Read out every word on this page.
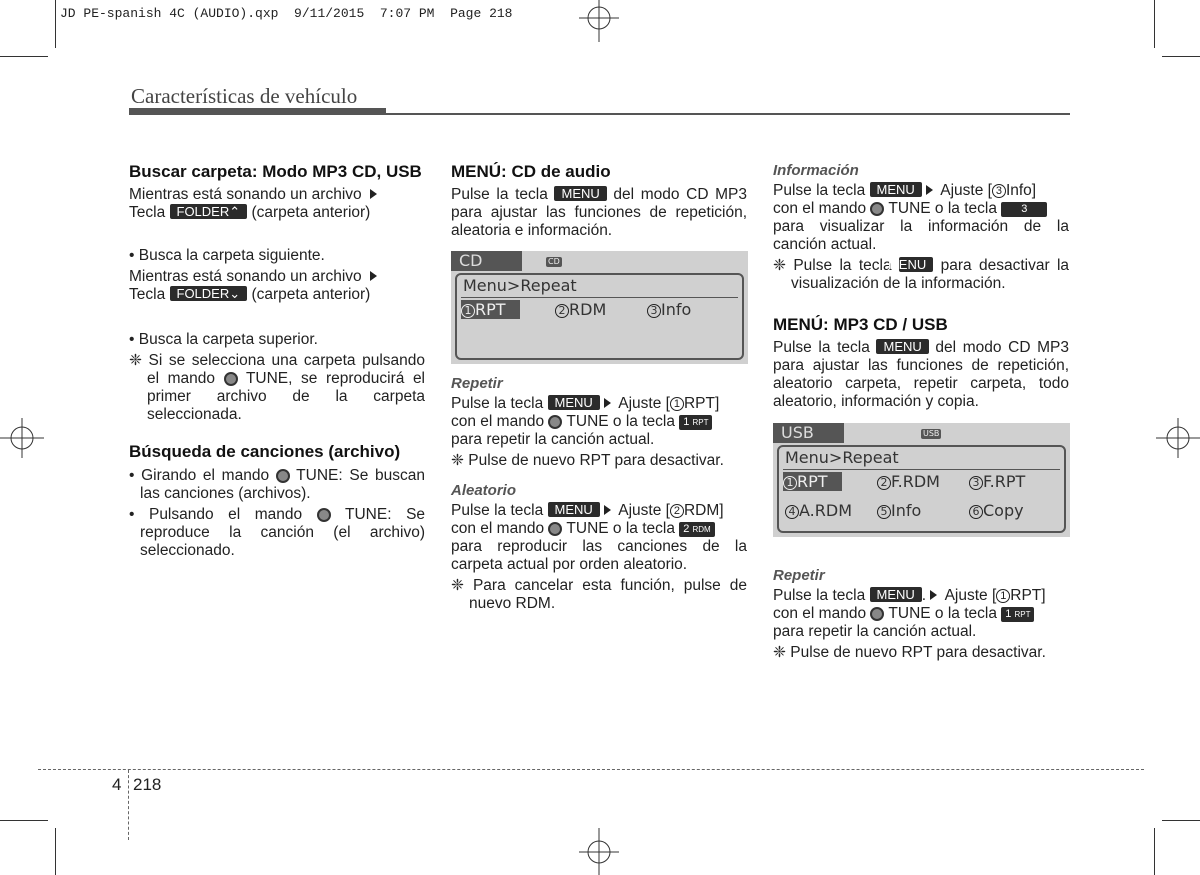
JD PE-spanish 4C (AUDIO).qxp  9/11/2015  7:07 PM  Page 218
Características de vehículo

Buscar carpeta: Modo MP3 CD, USB

Mientras está sonando un archivo
Tecla FOLDER⌃ (carpeta anterior)

• Busca la carpeta siguiente.

Mientras está sonando un archivo
Tecla FOLDER⌄ (carpeta anterior)

• Busca la carpeta superior.

❈ Si se selecciona una carpeta pulsando el mando TUNE, se reproducirá el primer archivo de la carpeta seleccionada.

Búsqueda de canciones (archivo)

• Girando el mando TUNE: Se buscan las canciones (archivos).

• Pulsando el mando	TUNE: Se reproduce la canción (el archivo) seleccionado.

MENÚ: CD de audio

Pulse la tecla MENU del modo CD MP3 para ajustar las funciones de repetición, aleatoria e información.

CD	CD
Menu>Repeat
1 RPT	2 RDM	3 Info

Repetir

Pulse la tecla MENU Ajuste [ 1 RPT]
con el mando TUNE o la tecla 1 RPT
para repetir la canción actual.

❈ Pulse de nuevo RPT para desactivar.

Aleatorio

Pulse la tecla MENU Ajuste [ 2 RDM]
con el mando TUNE o la tecla 2 RDM
para reproducir las canciones de la carpeta actual por orden aleatorio.

❈ Para cancelar esta función, pulse de nuevo RDM.

Información

Pulse la tecla MENU Ajuste [ 3 Info]
con el mando TUNE o la tecla 3
para visualizar la información de la canción actual.

❈ Pulse la tecla MENU para desactivar la visualización de la información.

MENÚ: MP3 CD / USB

Pulse la tecla MENU del modo CD MP3 para ajustar las funciones de repetición, aleatorio carpeta, repetir carpeta, todo aleatorio, información y copia.

USB	USB
Menu>Repeat
1 RPT	2 F.RDM	3 F.RPT
4 A.RDM	5 Info	6 Copy

Repetir

Pulse la tecla MENU . Ajuste [ 1 RPT]
con el mando TUNE o la tecla 1 RPT
para repetir la canción actual.

❈ Pulse de nuevo RPT para desactivar.

4 218
